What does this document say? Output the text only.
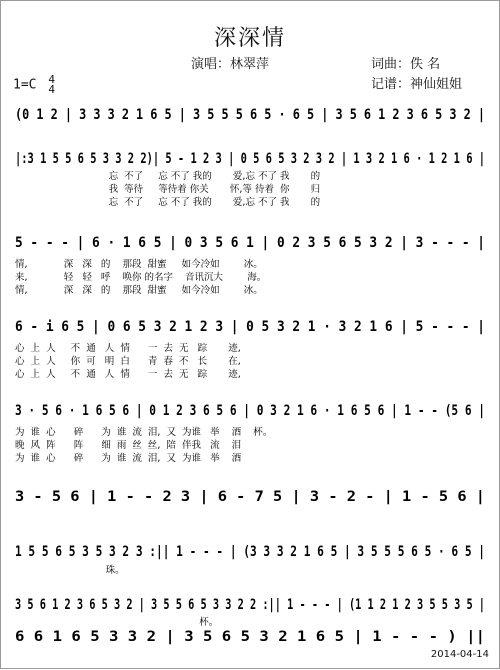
深深情
演唱：林翠萍	词曲：佚 名
记谱：神仙姐姐
1=C 4
4
(0 1 2 | 3 3 3 2 1 6 5 | 3 5 5 5 6 5 · 6 5 | 3 5 6 1 2 3 6 5 3 2 |
|:3 1 5 5 6 5 3 3 2 2)| 5 - 1 2 3 | 0 5 6 5 3 2 3 2 | 1 3 2 1 6 · 1 2 1 6 |
忘  不了     忘 不了 我的       爱,忘 不了 我       的
我  等待     等待着 你关       怀,等 待着  你       归
忘  不了     忘 不了 我的       爱,忘 不了 我       的
5 - - - | 6 · 1 6 5 | 0 3 5 6 1 | 0 2 3 5 6 5 3 2 | 3 - - - |
情,            深   深   的    那段  甜蜜     如今冷如        冰。
来,            轻   轻   呼    唤你 的名字    音讯沉大        海。
情,            深   深   的    那段  甜蜜     如今冷如        冰。
6 - i 6 5 | 0 6 5 3 2 1 2 3 | 0 5 3 2 1 · 3 2 1 6 | 5 - - - |
心  上  人     不  通   人  情      一  去  无   踪       迹,
心  上  人     你  可   明  白      青  春  不   长       在,
心  上  人     不  通   人  情      一  去  无   踪       迹,
3 · 5 6 · 1 6 5 6 | 0 1 2 3 6 5 6 | 0 3 2 1 6 · 1 6 5 6 | 1 - - (5 6 |
为  谁  心      碎      为  谁  流  泪,  又  为谁   举    酒    杯。
晚  风  阵      阵      细  雨  丝  丝,  陪  伴我   流    泪
为  谁  心      碎      为  谁  流  泪,  又  为谁   举    酒
3 - 5 6 | 1 - - 2 3 | 6 - 7 5 | 3 - 2 - | 1 - 5 6 |
1 5 5 6 5 3 5 3 2 3 :|| 1 - - - | (3 3 3 2 1 6 5 | 3 5 5 5 6 5 · 6 5 |
珠。
3 5 6 1 2 3 6 5 3 2 | 3 5 5 6 5 3 3 2 2 :|| 1 - - - | (1 1 2 1 2 3 5 5 3 5 |
杯。
6 6 1 6 5 3 3 2 | 3 5 6 5 3 2 1 6 5 | 1 - - - ) ||
2014-04-14
